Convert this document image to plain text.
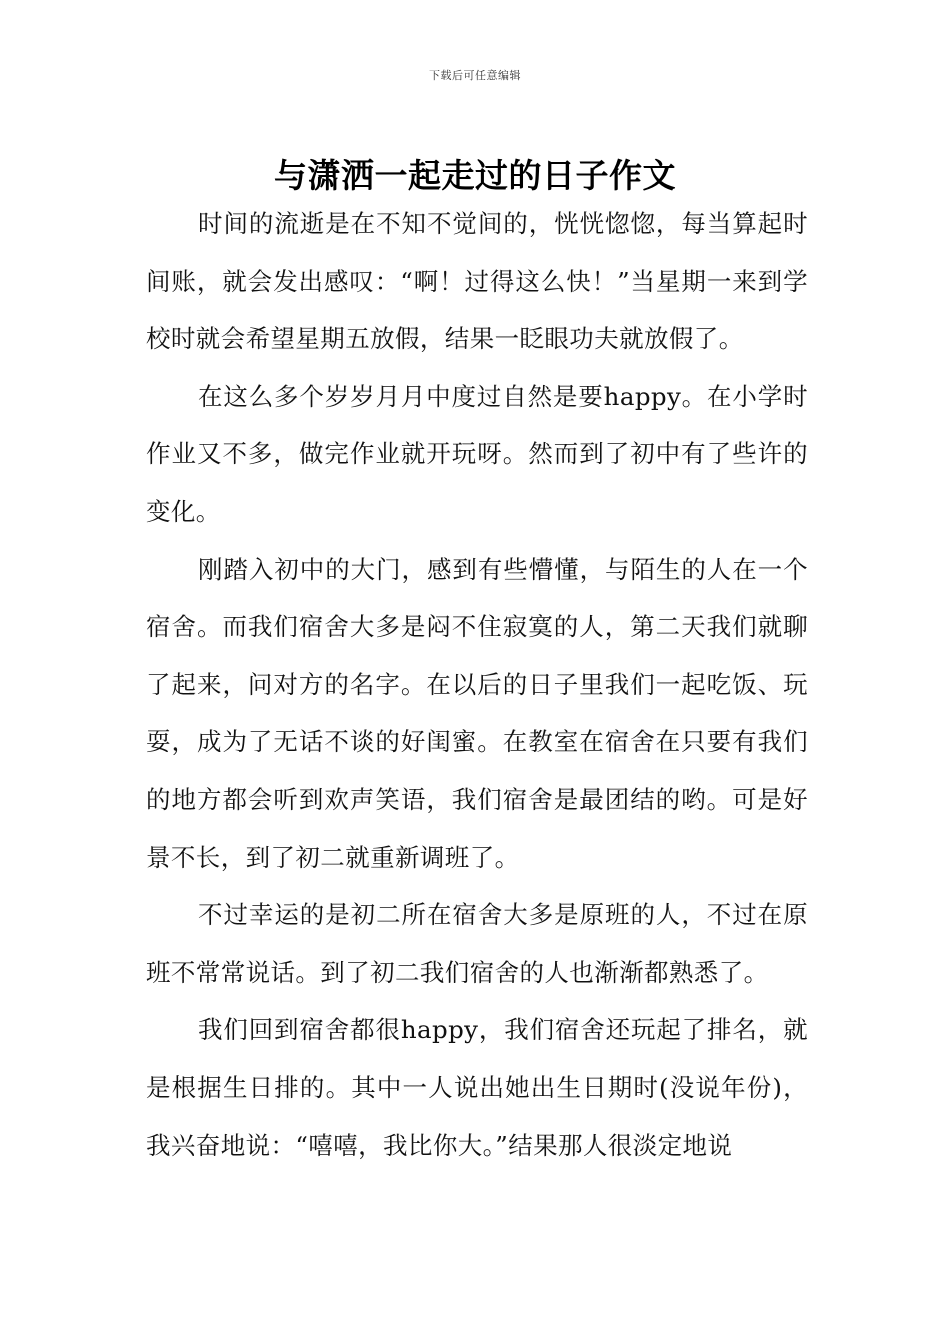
下载后可任意编辑
与潇洒一起走过的日子作文

时间的流逝是在不知不觉间的，恍恍惚惚，每当算起时间账，就会发出感叹：“啊！过得这么快！”当星期一来到学校时就会希望星期五放假，结果一眨眼功夫就放假了。

在这么多个岁岁月月中度过自然是要happy。在小学时作业又不多，做完作业就开玩呀。然而到了初中有了些许的变化。

刚踏入初中的大门，感到有些懵懂，与陌生的人在一个宿舍。而我们宿舍大多是闷不住寂寞的人，第二天我们就聊了起来，问对方的名字。在以后的日子里我们一起吃饭、玩耍，成为了无话不谈的好闺蜜。在教室在宿舍在只要有我们的地方都会听到欢声笑语，我们宿舍是最团结的哟。可是好景不长，到了初二就重新调班了。

不过幸运的是初二所在宿舍大多是原班的人，不过在原班不常常说话。到了初二我们宿舍的人也渐渐都熟悉了。

我们回到宿舍都很happy，我们宿舍还玩起了排名，就是根据生日排的。其中一人说出她出生日期时(没说年份)，我兴奋地说：“嘻嘻，我比你大。”结果那人很淡定地说
